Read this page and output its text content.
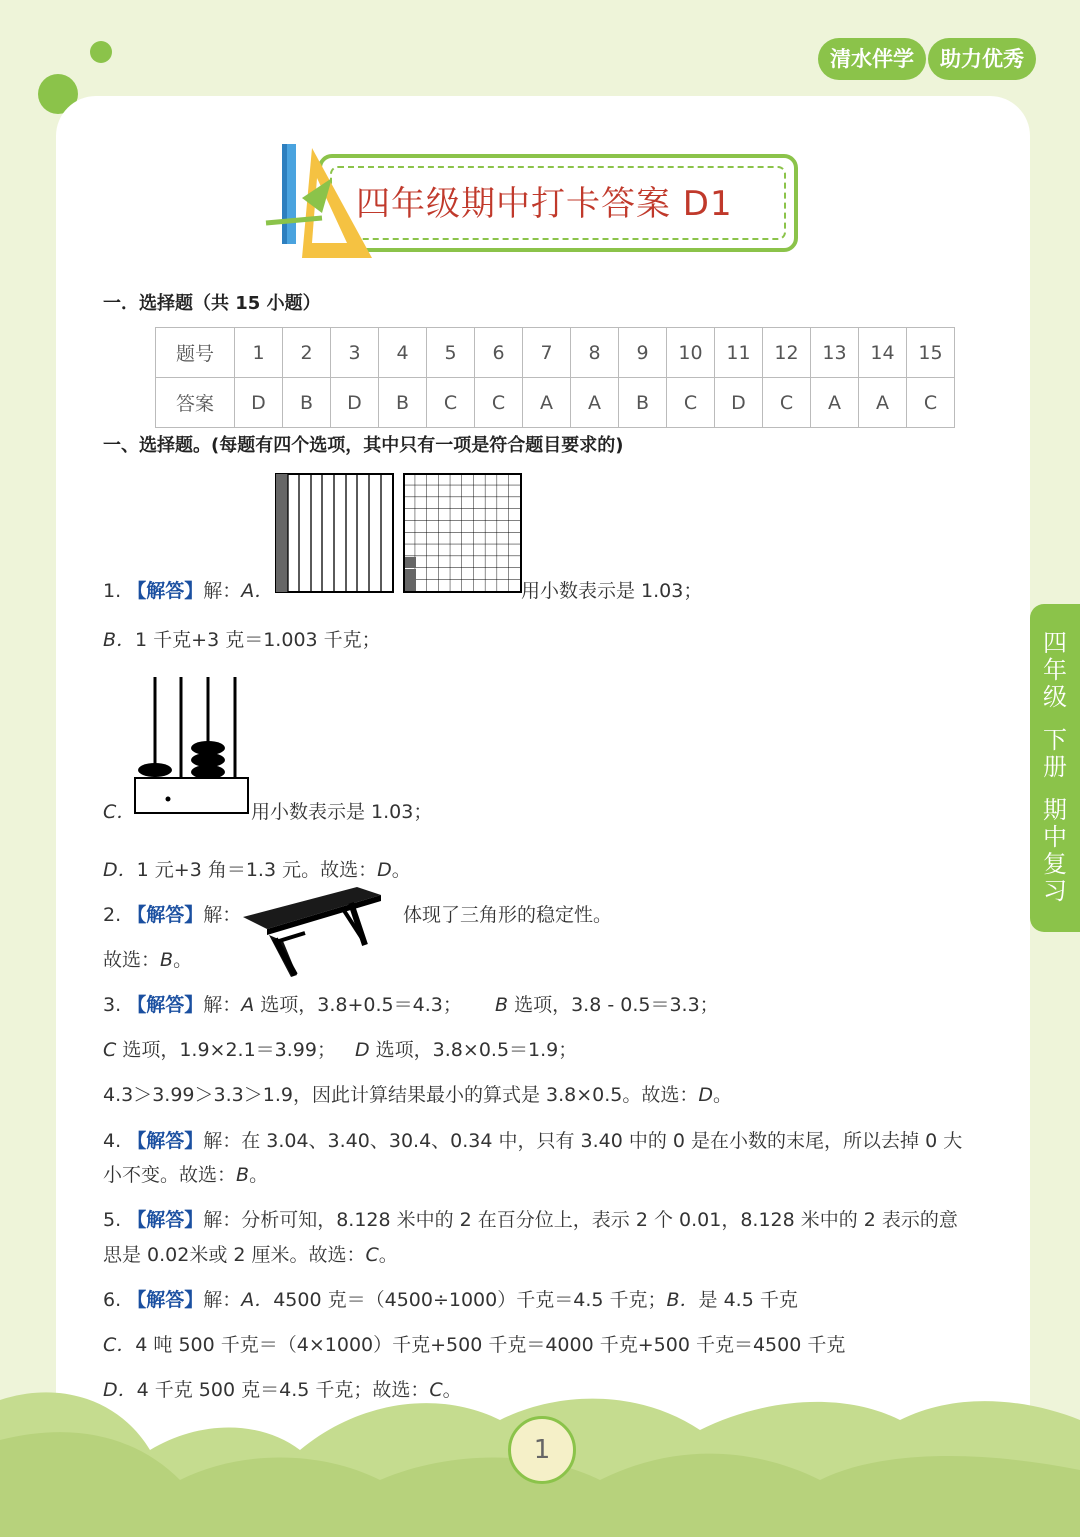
清水伴学	助力优秀
四
年
级
下
册
期
中
复
习
四年级期中打卡答案 D1
一．选择题（共 15 小题）
题号	1	2	3	4	5	6	7	8	9	10	11	12	13	14	15
答案	D	B	D	B	C	C	A	A	B	C	D	C	A	A	C
一、选择题。(每题有四个选项，其中只有一项是符合题目要求的)
1. 【解答】解：A．	用小数表示是 1.03；
B．1 千克+3 克＝1.003 千克；
C．	用小数表示是 1.03；
D．1 元+3 角＝1.3 元。故选：D。
2. 【解答】解：	体现了三角形的稳定性。
故选：B。
3. 【解答】解：A 选项，3.8+0.5＝4.3； B 选项，3.8 - 0.5＝3.3；
C 选项，1.9×2.1＝3.99； D 选项，3.8×0.5＝1.9；
4.3＞3.99＞3.3＞1.9，因此计算结果最小的算式是 3.8×0.5。故选：D。
4. 【解答】解：在 3.04、3.40、30.4、0.34 中，只有 3.40 中的 0 是在小数的末尾，所以去掉 0 大
小不变。故选：B。
5. 【解答】解：分析可知，8.128 米中的 2 在百分位上，表示 2 个 0.01，8.128 米中的 2 表示的意
思是 0.02米或 2 厘米。故选：C。
6. 【解答】解：A．4500 克＝（4500÷1000）千克＝4.5 千克；B．是 4.5 千克
C．4 吨 500 千克＝（4×1000）千克+500 千克＝4000 千克+500 千克＝4500 千克
D．4 千克 500 克＝4.5 千克；故选：C。
1
